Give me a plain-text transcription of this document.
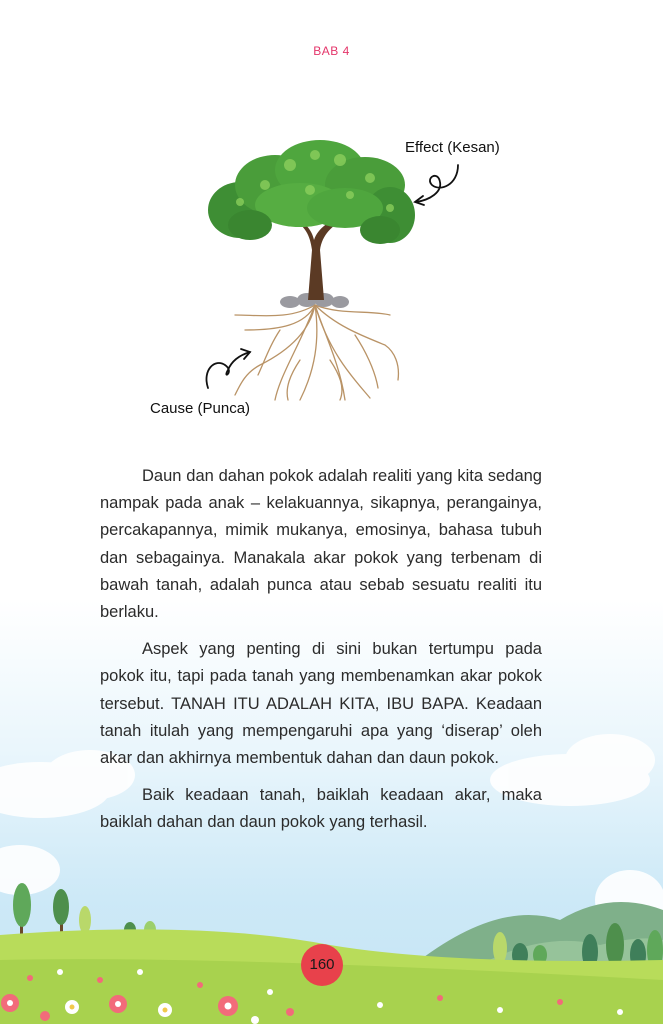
BAB 4
Effect (Kesan)
Cause (Punca)

Daun dan dahan pokok adalah realiti yang kita sedang nampak pada anak – kelakuannya, sikapnya, perangainya, percakapannya, mimik mukanya, emosinya, bahasa tubuh dan sebagainya. Manakala akar pokok yang terbenam di bawah tanah, adalah punca atau sebab sesuatu realiti itu berlaku.

Aspek yang penting di sini bukan tertumpu pada pokok itu, tapi pada tanah yang membenamkan akar pokok tersebut. TANAH ITU ADALAH KITA, IBU BAPA. Keadaan tanah itulah yang mempengaruhi apa yang ‘diserap’ oleh akar dan akhirnya membentuk dahan dan daun pokok.

Baik keadaan tanah, baiklah keadaan akar, maka baiklah dahan dan daun pokok yang terhasil.

160
